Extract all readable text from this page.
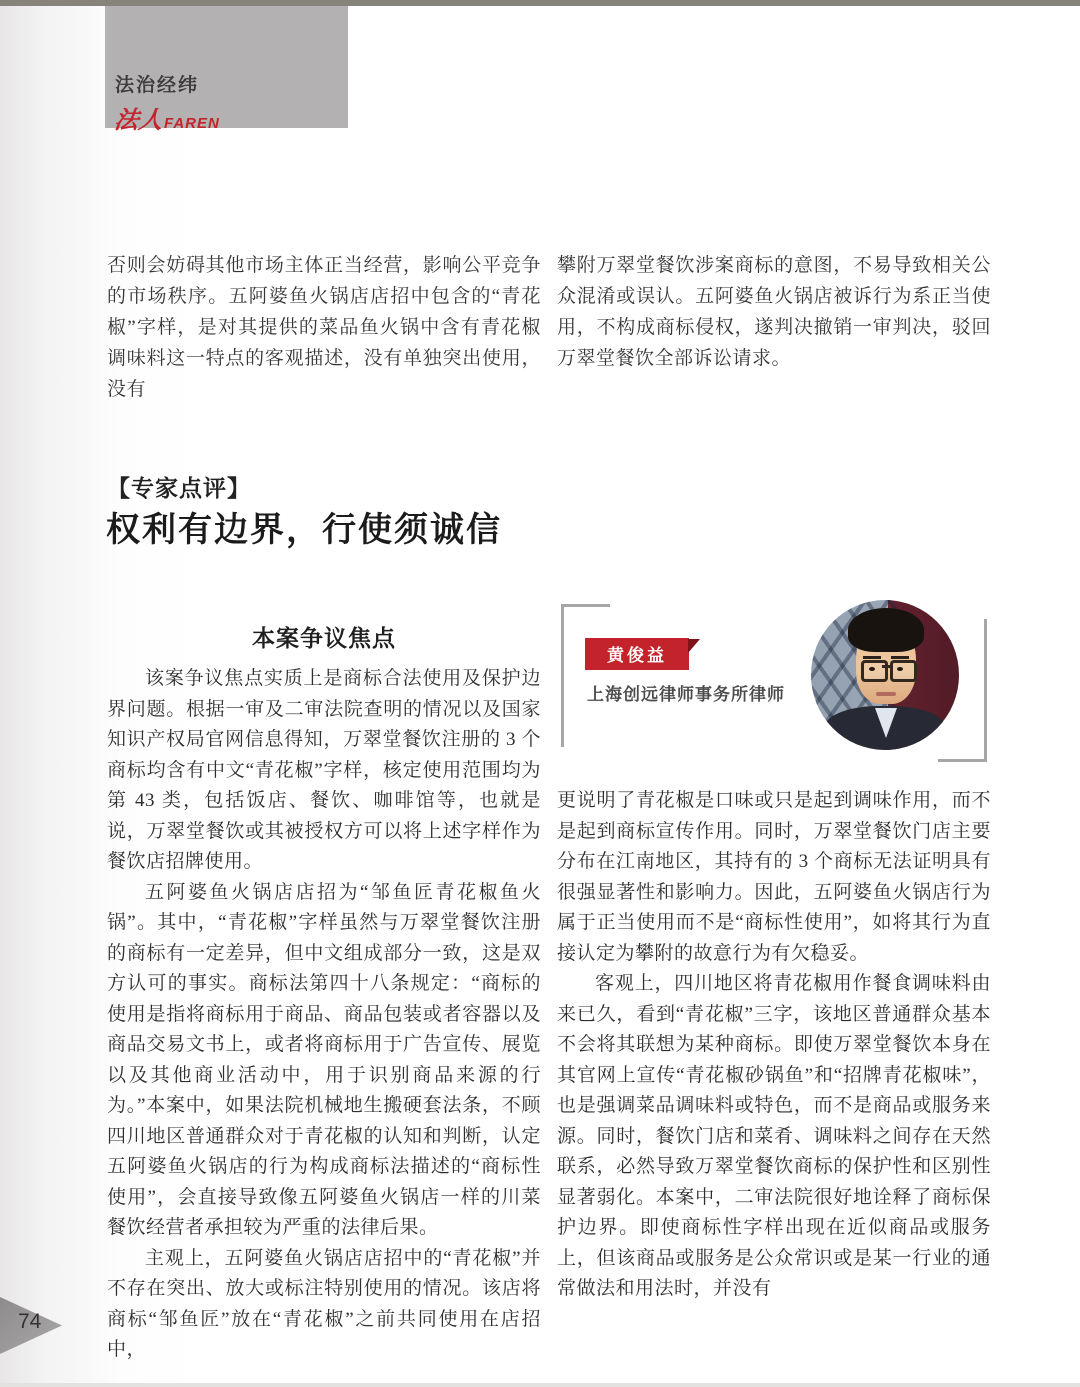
法治经纬
法人FAREN

否则会妨碍其他市场主体正当经营，影响公平竞争的市场秩序。五阿婆鱼火锅店店招中包含的“青花椒”字样，是对其提供的菜品鱼火锅中含有青花椒调味料这一特点的客观描述，没有单独突出使用，没有

攀附万翠堂餐饮涉案商标的意图，不易导致相关公众混淆或误认。五阿婆鱼火锅店被诉行为系正当使用，不构成商标侵权，遂判决撤销一审判决，驳回万翠堂餐饮全部诉讼请求。

【专家点评】
权利有边界，行使须诚信
黄俊益
上海创远律师事务所律师
本案争议焦点

该案争议焦点实质上是商标合法使用及保护边界问题。根据一审及二审法院查明的情况以及国家知识产权局官网信息得知，万翠堂餐饮注册的 3 个商标均含有中文“青花椒”字样，核定使用范围均为第 43 类，包括饭店、餐饮、咖啡馆等，也就是说，万翠堂餐饮或其被授权方可以将上述字样作为餐饮店招牌使用。

五阿婆鱼火锅店店招为“邹鱼匠青花椒鱼火锅”。其中，“青花椒”字样虽然与万翠堂餐饮注册的商标有一定差异，但中文组成部分一致，这是双方认可的事实。商标法第四十八条规定：“商标的使用是指将商标用于商品、商品包装或者容器以及商品交易文书上，或者将商标用于广告宣传、展览以及其他商业活动中，用于识别商品来源的行为。”本案中，如果法院机械地生搬硬套法条，不顾四川地区普通群众对于青花椒的认知和判断，认定五阿婆鱼火锅店的行为构成商标法描述的“商标性使用”，会直接导致像五阿婆鱼火锅店一样的川菜餐饮经营者承担较为严重的法律后果。

主观上，五阿婆鱼火锅店店招中的“青花椒”并不存在突出、放大或标注特别使用的情况。该店将商标“邹鱼匠”放在“青花椒”之前共同使用在店招中，

更说明了青花椒是口味或只是起到调味作用，而不是起到商标宣传作用。同时，万翠堂餐饮门店主要分布在江南地区，其持有的 3 个商标无法证明具有很强显著性和影响力。因此，五阿婆鱼火锅店行为属于正当使用而不是“商标性使用”，如将其行为直接认定为攀附的故意行为有欠稳妥。

客观上，四川地区将青花椒用作餐食调味料由来已久，看到“青花椒”三字，该地区普通群众基本不会将其联想为某种商标。即使万翠堂餐饮本身在其官网上宣传“青花椒砂锅鱼”和“招牌青花椒味”，也是强调菜品调味料或特色，而不是商品或服务来源。同时，餐饮门店和菜肴、调味料之间存在天然联系，必然导致万翠堂餐饮商标的保护性和区别性显著弱化。本案中，二审法院很好地诠释了商标保护边界。即使商标性字样出现在近似商品或服务上，但该商品或服务是公众常识或是某一行业的通常做法和用法时，并没有

74
